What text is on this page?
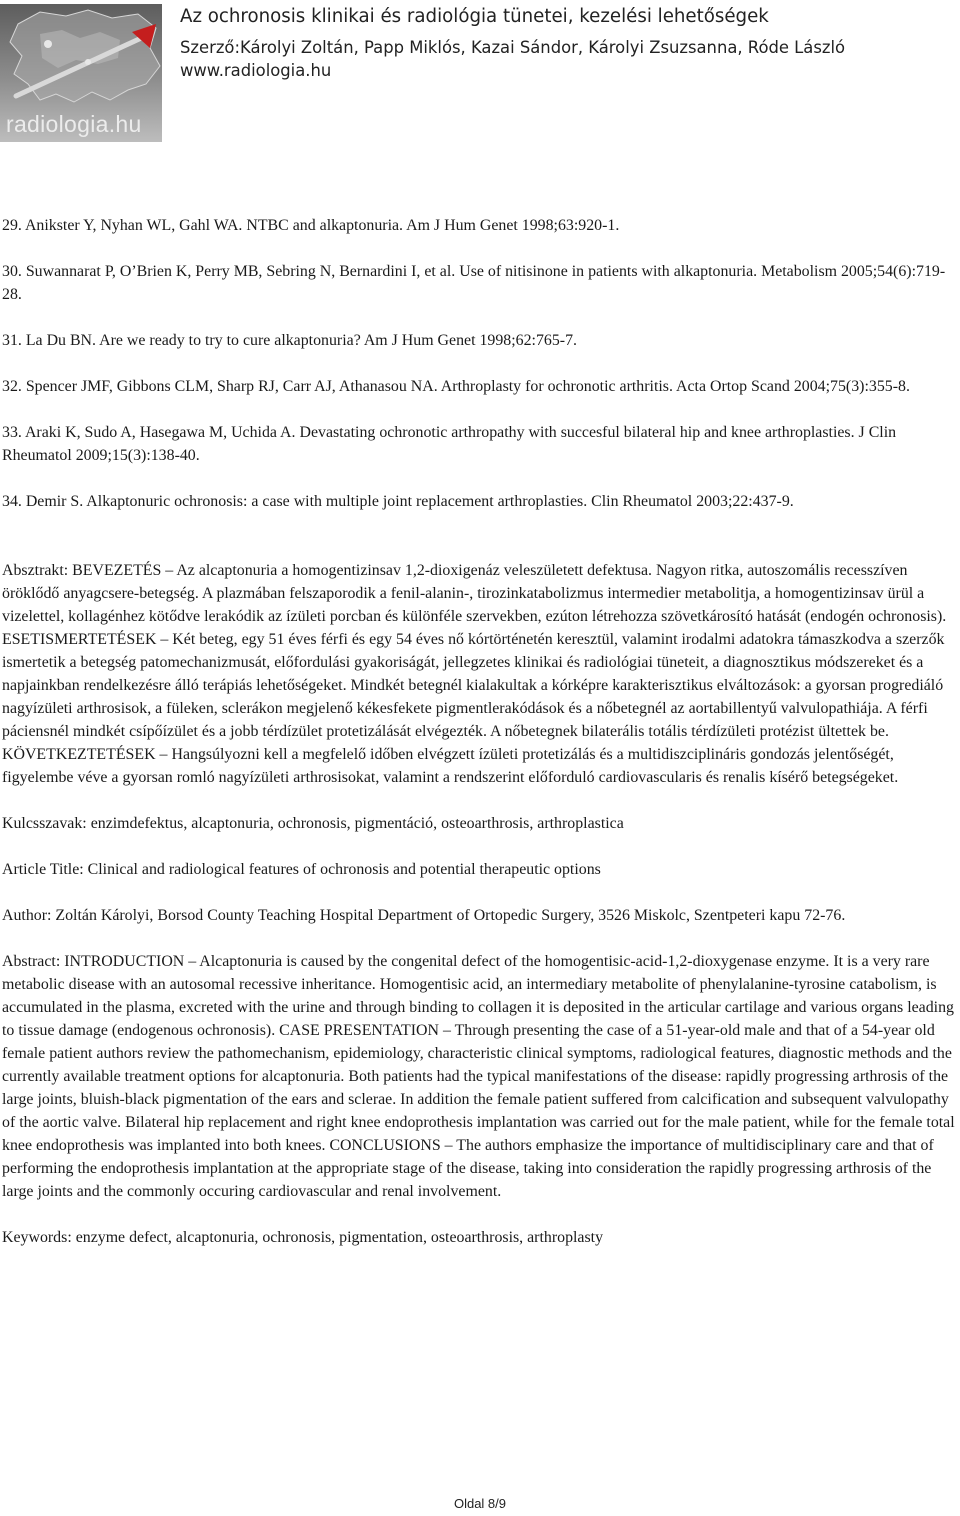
radiologia.hu
Az ochronosis klinikai és radiológia tünetei, kezelési lehetőségek
Szerző:Károlyi Zoltán, Papp Miklós, Kazai Sándor, Károlyi Zsuzsanna, Róde László
www.radiologia.hu

29. Anikster Y, Nyhan WL, Gahl WA. NTBC and alkaptonuria. Am J Hum Genet 1998;63:920-1.

30. Suwannarat P, O’Brien K, Perry MB, Sebring N, Bernardini I, et al. Use of nitisinone in patients with alkaptonuria. Metabolism 2005;54(6):719-28.

31. La Du BN. Are we ready to try to cure alkaptonuria? Am J Hum Genet 1998;62:765-7.

32. Spencer JMF, Gibbons CLM, Sharp RJ, Carr AJ, Athanasou NA. Arthroplasty for ochronotic arthritis. Acta Ortop Scand 2004;75(3):355-8.

33. Araki K, Sudo A, Hasegawa M, Uchida A. Devastating ochronotic arthropathy with succesful bilateral hip and knee arthroplasties. J Clin Rheumatol 2009;15(3):138-40.

34. Demir S. Alkaptonuric ochronosis: a case with multiple joint replacement arthroplasties. Clin Rheumatol 2003;22:437-9.

Absztrakt: BEVEZETÉS – Az alcaptonuria a homogentizinsav 1,2-dioxigenáz veleszületett defektusa. Nagyon ritka, autoszomális recesszíven öröklődő anyagcsere-betegség. A plazmában felszaporodik a fenil-alanin-, tirozinkatabolizmus intermedier metabolitja, a homogentizinsav ürül a vizelettel, kollagénhez kötődve lerakódik az ízületi porcban és különféle szervekben, ezúton létrehozza szövetkárosító hatását (endogén ochronosis). ESETISMERTETÉSEK – Két beteg, egy 51 éves férfi és egy 54 éves nő kórtörténetén keresztül, valamint irodalmi adatokra támaszkodva a szerzők ismertetik a betegség patomechanizmusát, előfordulási gyakoriságát, jellegzetes klinikai és radiológiai tüneteit, a diagnosztikus módszereket és a napjainkban rendelkezésre álló terápiás lehetőségeket. Mindkét betegnél kialakultak a kórképre karakterisztikus elváltozások: a gyorsan progrediáló nagyízületi arthrosisok, a füleken, sclerákon megjelenő kékesfekete pigmentlerakódások és a nőbetegnél az aortabillentyű valvulopathiája. A férfi páciensnél mindkét csípőízület és a jobb térdízület protetizálását elvégezték. A nőbetegnek bilaterális totális térdízületi protézist ültettek be. KÖVETKEZTETÉSEK – Hangsúlyozni kell a megfelelő időben elvégzett ízületi protetizálás és a multidiszciplináris gondozás jelentőségét, figyelembe véve a gyorsan romló nagyízületi arthrosisokat, valamint a rendszerint előforduló cardiovascularis és renalis kísérő betegségeket.

Kulcsszavak: enzimdefektus, alcaptonuria, ochronosis, pigmentáció, osteoarthrosis, arthroplastica

Article Title: Clinical and radiological features of ochronosis and potential therapeutic options

Author: Zoltán Károlyi, Borsod County Teaching Hospital Department of Ortopedic Surgery, 3526 Miskolc, Szentpeteri kapu 72-76.

Abstract: INTRODUCTION – Alcaptonuria is caused by the congenital defect of the homogentisic-acid-1,2-dioxygenase enzyme. It is a very rare metabolic disease with an autosomal recessive inheritance. Homogentisic acid, an intermediary metabolite of phenylalanine-tyrosine catabolism, is accumulated in the plasma, excreted with the urine and through binding to collagen it is deposited in the articular cartilage and various organs leading to tissue damage (endogenous ochronosis). CASE PRESENTATION – Through presenting the case of a 51-year-old male and that of a 54-year old female patient authors review the pathomechanism, epidemiology, characteristic clinical symptoms, radiological features, diagnostic methods and the currently available treatment options for alcaptonuria. Both patients had the typical manifestations of the disease: rapidly progressing arthrosis of the large joints, bluish-black pigmentation of the ears and sclerae. In addition the female patient suffered from calcification and subsequent valvulopathy of the aortic valve. Bilateral hip replacement and right knee endoprothesis implantation was carried out for the male patient, while for the female total knee endoprothesis was implanted into both knees. CONCLUSIONS – The authors emphasize the importance of multidisciplinary care and that of performing the endoprothesis implantation at the appropriate stage of the disease, taking into consideration the rapidly progressing arthrosis of the large joints and the commonly occuring cardiovascular and renal involvement.

Keywords: enzyme defect, alcaptonuria, ochronosis, pigmentation, osteoarthrosis, arthroplasty

Oldal 8/9
